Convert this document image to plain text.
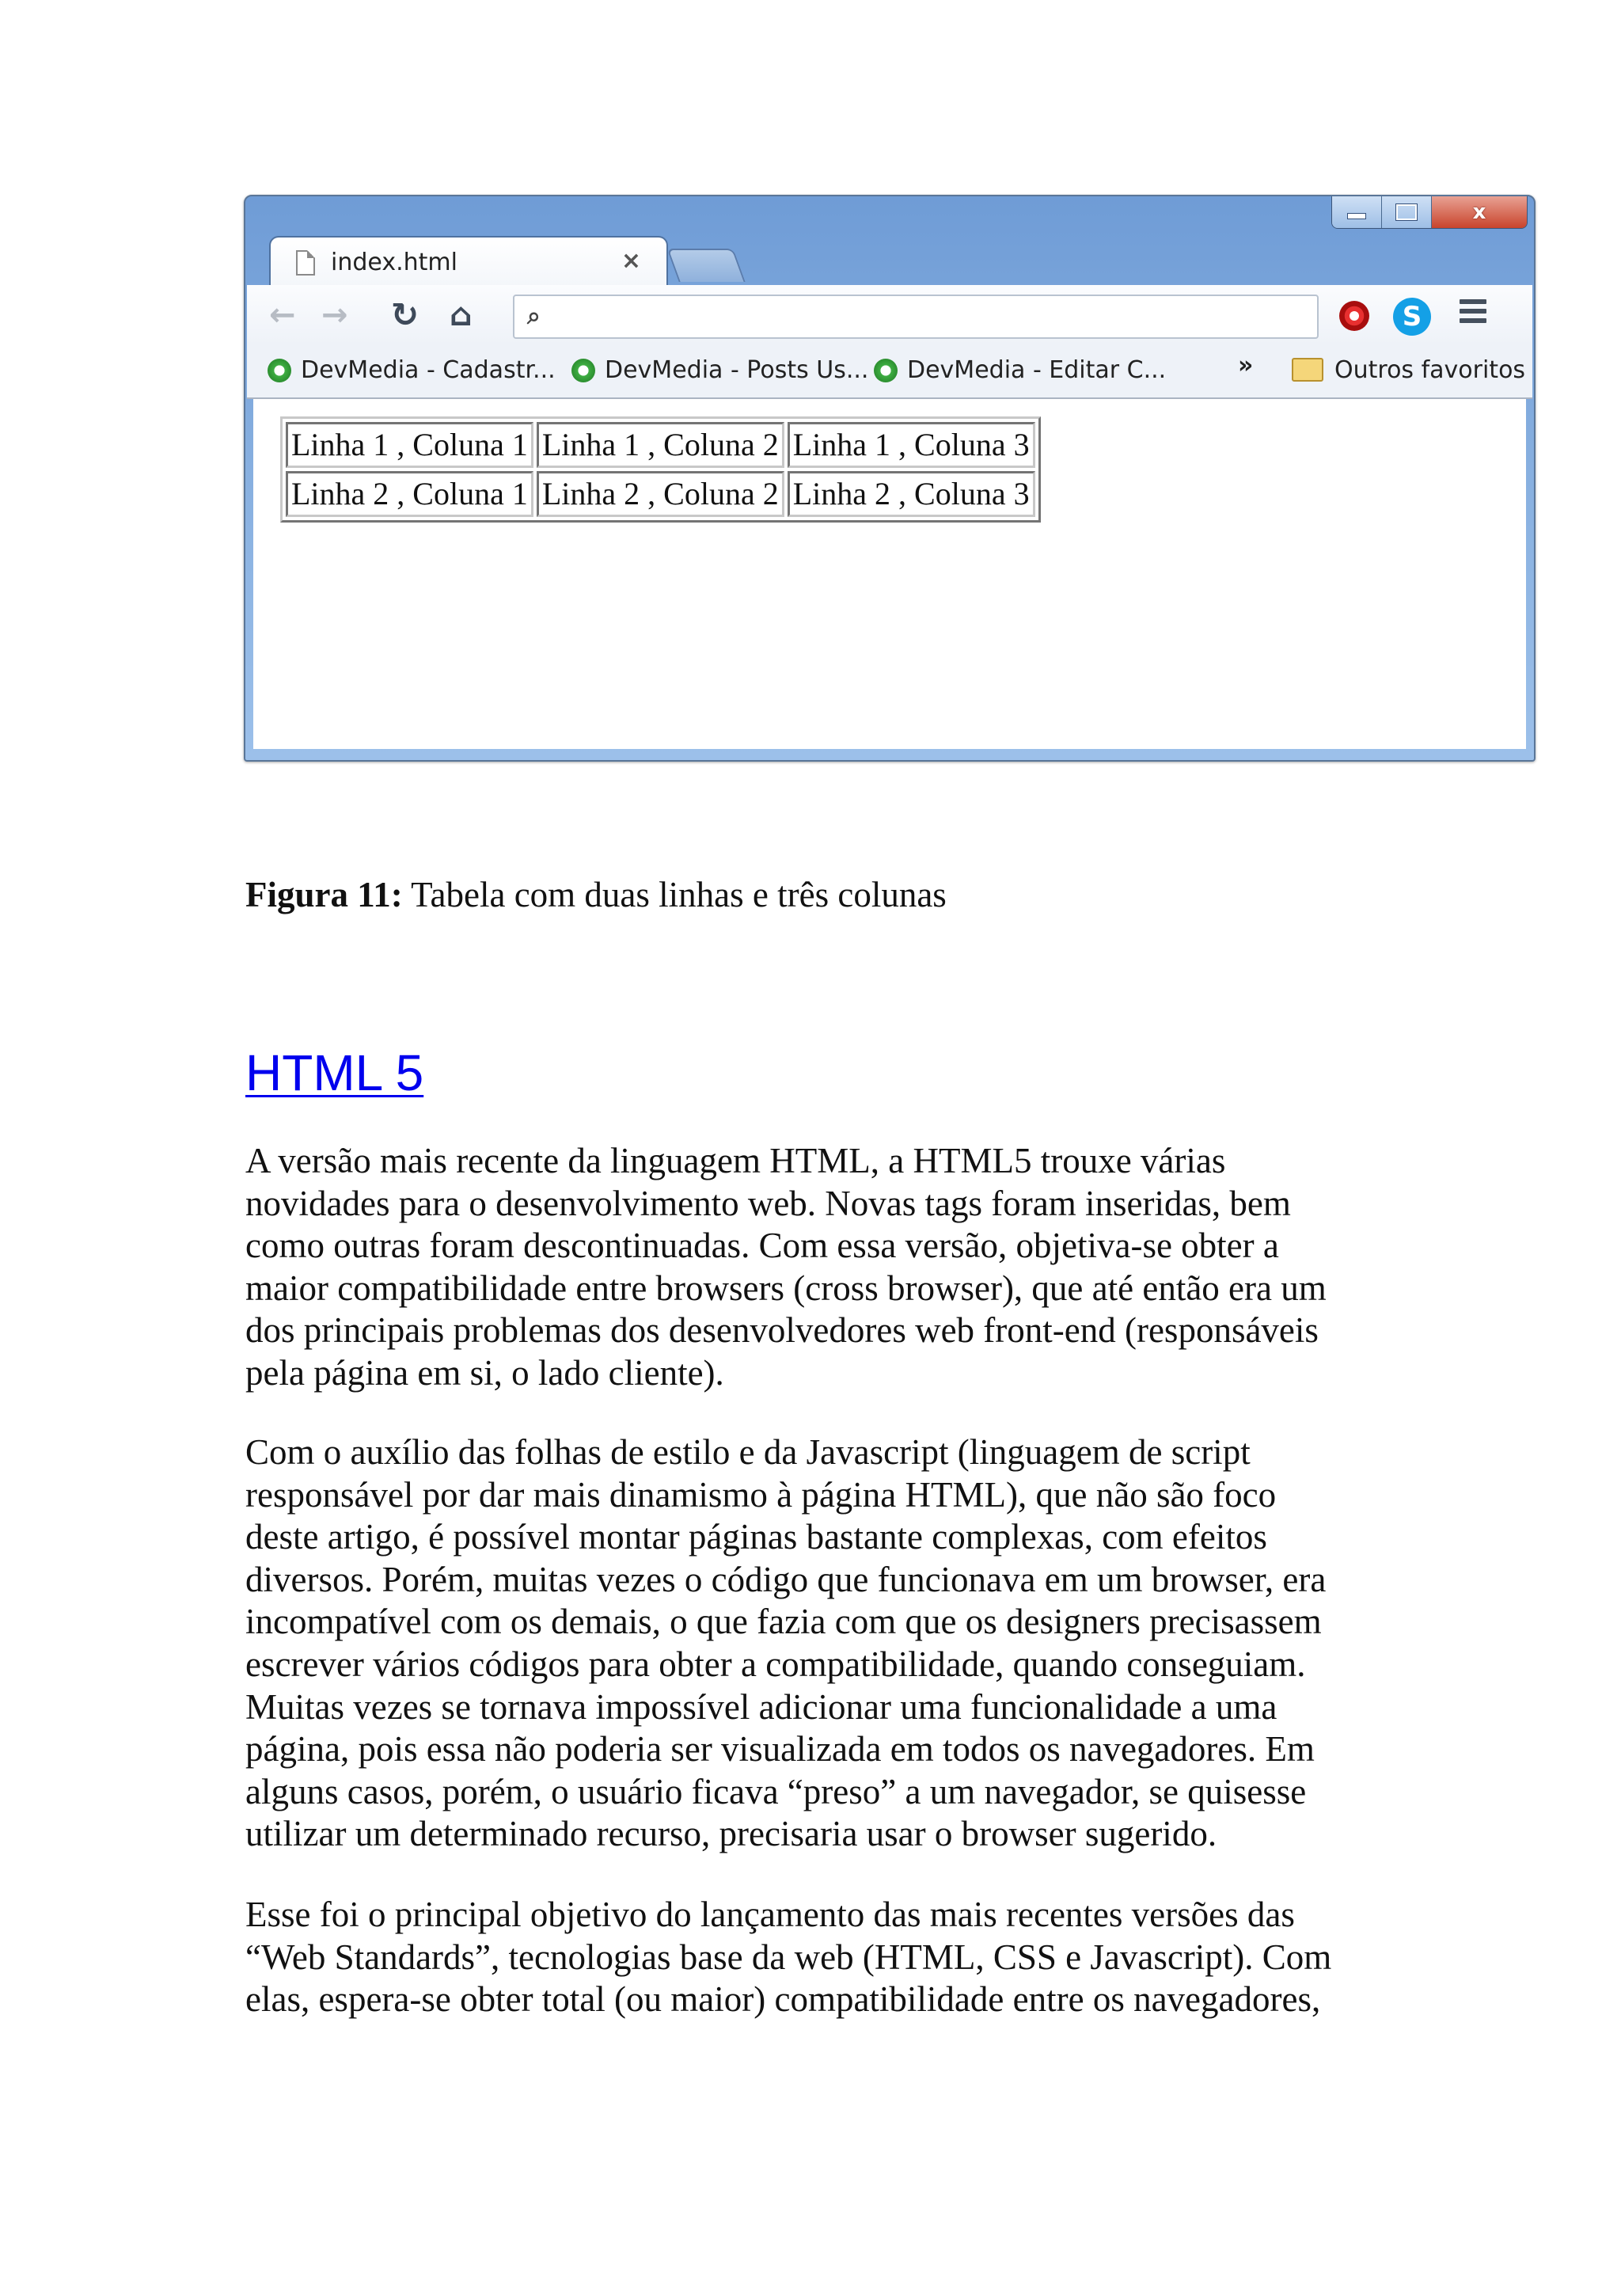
x
index.html	×
← → ↻ ⌂ ⌕	S
DevMedia - Cadastr...	DevMedia - Posts Us...	DevMedia - Editar C...	»	Outros favoritos
Linha 1 , Coluna 1	Linha 1 , Coluna 2	Linha 1 , Coluna 3
Linha 2 , Coluna 1	Linha 2 , Coluna 2	Linha 2 , Coluna 3
Figura 11: Tabela com duas linhas e três colunas
HTML 5
A versão mais recente da linguagem HTML, a HTML5 trouxe várias
novidades para o desenvolvimento web. Novas tags foram inseridas, bem
como outras foram descontinuadas. Com essa versão, objetiva-se obter a
maior compatibilidade entre browsers (cross browser), que até então era um
dos principais problemas dos desenvolvedores web front-end (responsáveis
pela página em si, o lado cliente).
Com o auxílio das folhas de estilo e da Javascript (linguagem de script
responsável por dar mais dinamismo à página HTML), que não são foco
deste artigo, é possível montar páginas bastante complexas, com efeitos
diversos. Porém, muitas vezes o código que funcionava em um browser, era
incompatível com os demais, o que fazia com que os designers precisassem
escrever vários códigos para obter a compatibilidade, quando conseguiam.
Muitas vezes se tornava impossível adicionar uma funcionalidade a uma
página, pois essa não poderia ser visualizada em todos os navegadores. Em
alguns casos, porém, o usuário ficava “preso” a um navegador, se quisesse
utilizar um determinado recurso, precisaria usar o browser sugerido.
Esse foi o principal objetivo do lançamento das mais recentes versões das
“Web Standards”, tecnologias base da web (HTML, CSS e Javascript). Com
elas, espera-se obter total (ou maior) compatibilidade entre os navegadores,
